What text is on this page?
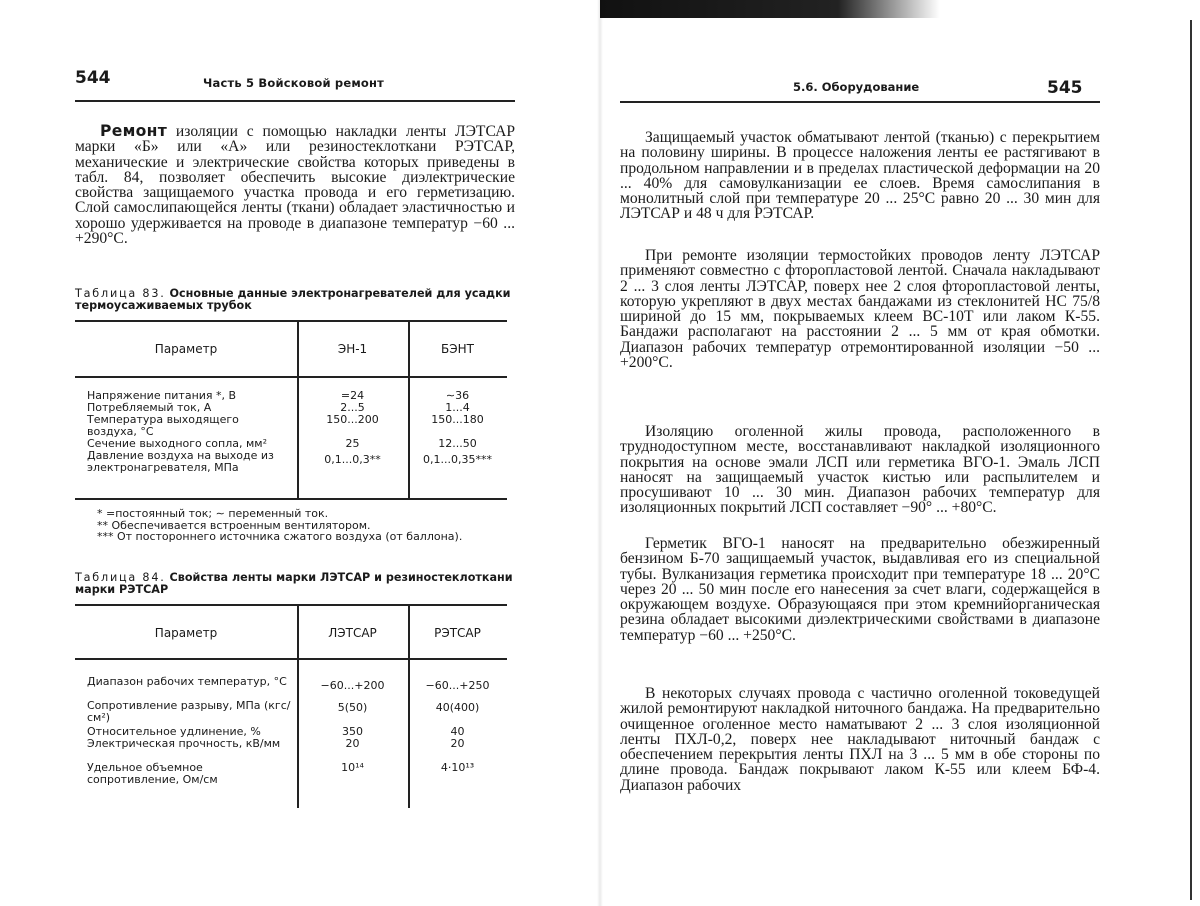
544	Часть 5 Войсковой ремонт

Ремонт изоляции с помощью накладки ленты ЛЭТСАР марки «Б» или «А» или резиностеклоткани РЭТСАР, механические и электрические свойства которых приведены в табл. 84, позволяет обеспечить высокие диэлектрические свойства защищаемого участка провода и его герметизацию. Слой самослипающейся ленты (ткани) обладает эластичностью и хорошо удерживается на проводе в диапазоне температур −60 ... +290°С.

Таблица 83. Основные данные электронагревателей для усадки термоусаживаемых трубок

Параметр	ЭН-1	БЭНТ
Напряжение питания *, В	=24	∼36
Потребляемый ток, А	2...5	1...4
Температура выходящего воздуха, °С
150...200	150...180
Сечение выходного сопла, мм²	25	12...50
Давление воздуха на выходе из электронагревателя, МПа
0,1...0,3**	0,1...0,35***
* =постоянный ток; ∼ переменный ток.
** Обеспечивается встроенным вентилятором.
*** От постороннего источника сжатого воздуха (от баллона).

Таблица 84. Свойства ленты марки ЛЭТСАР и резиностеклоткани марки РЭТСАР

Параметр	ЛЭТСАР	РЭТСАР
Диапазон рабочих температур, °С	−60...+200	−60...+250
Сопротивление разрыву, МПа (кгс/см²)
5(50)	40(400)
Относительное удлинение, %	350	40
Электрическая прочность, кВ/мм	20	20
Удельное объемное сопротивление, Ом/см
10¹⁴	4·10¹³
5.6. Оборудование	545

Защищаемый участок обматывают лентой (тканью) с перекрытием на половину ширины. В процессе наложения ленты ее растягивают в продольном направлении и в пределах пластической деформации на 20 ... 40% для самовулканизации ее слоев. Время самослипания в монолитный слой при температуре 20 ... 25°С равно 20 ... 30 мин для ЛЭТСАР и 48 ч для РЭТСАР.

При ремонте изоляции термостойких проводов ленту ЛЭТСАР применяют совместно с фторопластовой лентой. Сначала накладывают 2 ... 3 слоя ленты ЛЭТСАР, поверх нее 2 слоя фторопластовой ленты, которую укрепляют в двух местах бандажами из стеклонитей НС 75/8 шириной до 15 мм, покрываемых клеем ВС-10Т или лаком К-55. Бандажи располагают на расстоянии 2 ... 5 мм от края обмотки. Диапазон рабочих температур отремонтированной изоляции −50 ... +200°С.

Изоляцию оголенной жилы провода, расположенного в труднодоступном месте, восстанавливают накладкой изоляционного покрытия на основе эмали ЛСП или герметика ВГО-1. Эмаль ЛСП наносят на защищаемый участок кистью или распылителем и просушивают 10 ... 30 мин. Диапазон рабочих температур для изоляционных покрытий ЛСП составляет −90° ... +80°С.

Герметик ВГО-1 наносят на предварительно обезжиренный бензином Б-70 защищаемый участок, выдавливая его из специальной тубы. Вулканизация герметика происходит при температуре 18 ... 20°С через 20 ... 50 мин после его нанесения за счет влаги, содержащейся в окружающем воздухе. Образующаяся при этом кремнийорганическая резина обладает высокими диэлектрическими свойствами в диапазоне температур −60 ... +250°С.

В некоторых случаях провода с частично оголенной токоведущей жилой ремонтируют накладкой ниточного бандажа. На предварительно очищенное оголенное место наматывают 2 ... 3 слоя изоляционной ленты ПХЛ-0,2, поверх нее накладывают ниточный бандаж с обеспечением перекрытия ленты ПХЛ на 3 ... 5 мм в обе стороны по длине провода. Бандаж покрывают лаком К-55 или клеем БФ-4. Диапазон рабочих
